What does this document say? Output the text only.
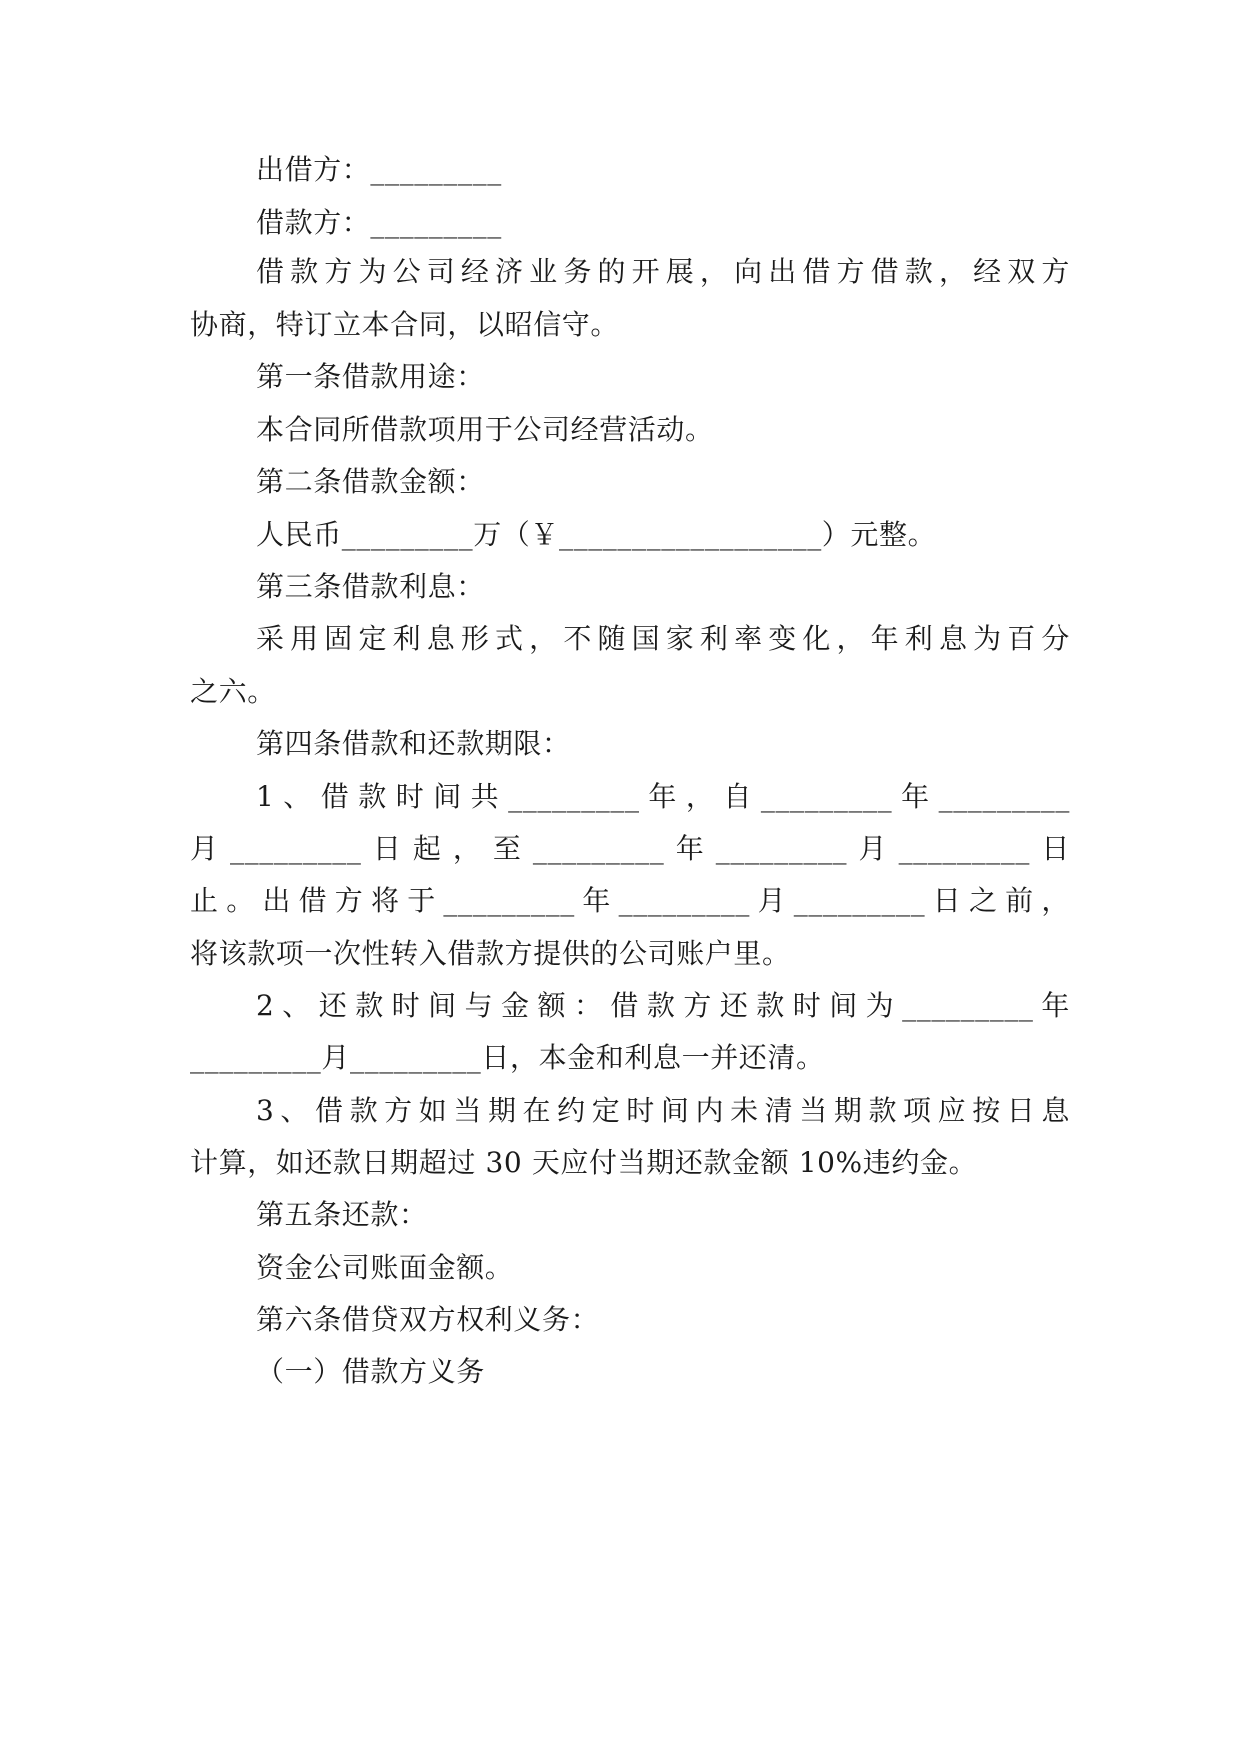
出借方：_________
借款方：_________
借款方为公司经济业务的开展，向出借方借款，经双方
协商，特订立本合同，以昭信守。
第一条借款用途：
本合同所借款项用于公司经营活动。
第二条借款金额：
人民币_________万（￥__________________）元整。
第三条借款利息：
采用固定利息形式，不随国家利率变化，年利息为百分
之六。
第四条借款和还款期限：
1、借款时间共_________年，自_________年_________
月_________日起，至_________年_________月_________日
止。出借方将于_________年_________月_________日之前，
将该款项一次性转入借款方提供的公司账户里。
2、还款时间与金额：借款方还款时间为_________年
_________月_________日，本金和利息一并还清。
3、借款方如当期在约定时间内未清当期款项应按日息
计算，如还款日期超过 30 天应付当期还款金额 10%违约金。
第五条还款：
资金公司账面金额。
第六条借贷双方权利义务：
（一）借款方义务
